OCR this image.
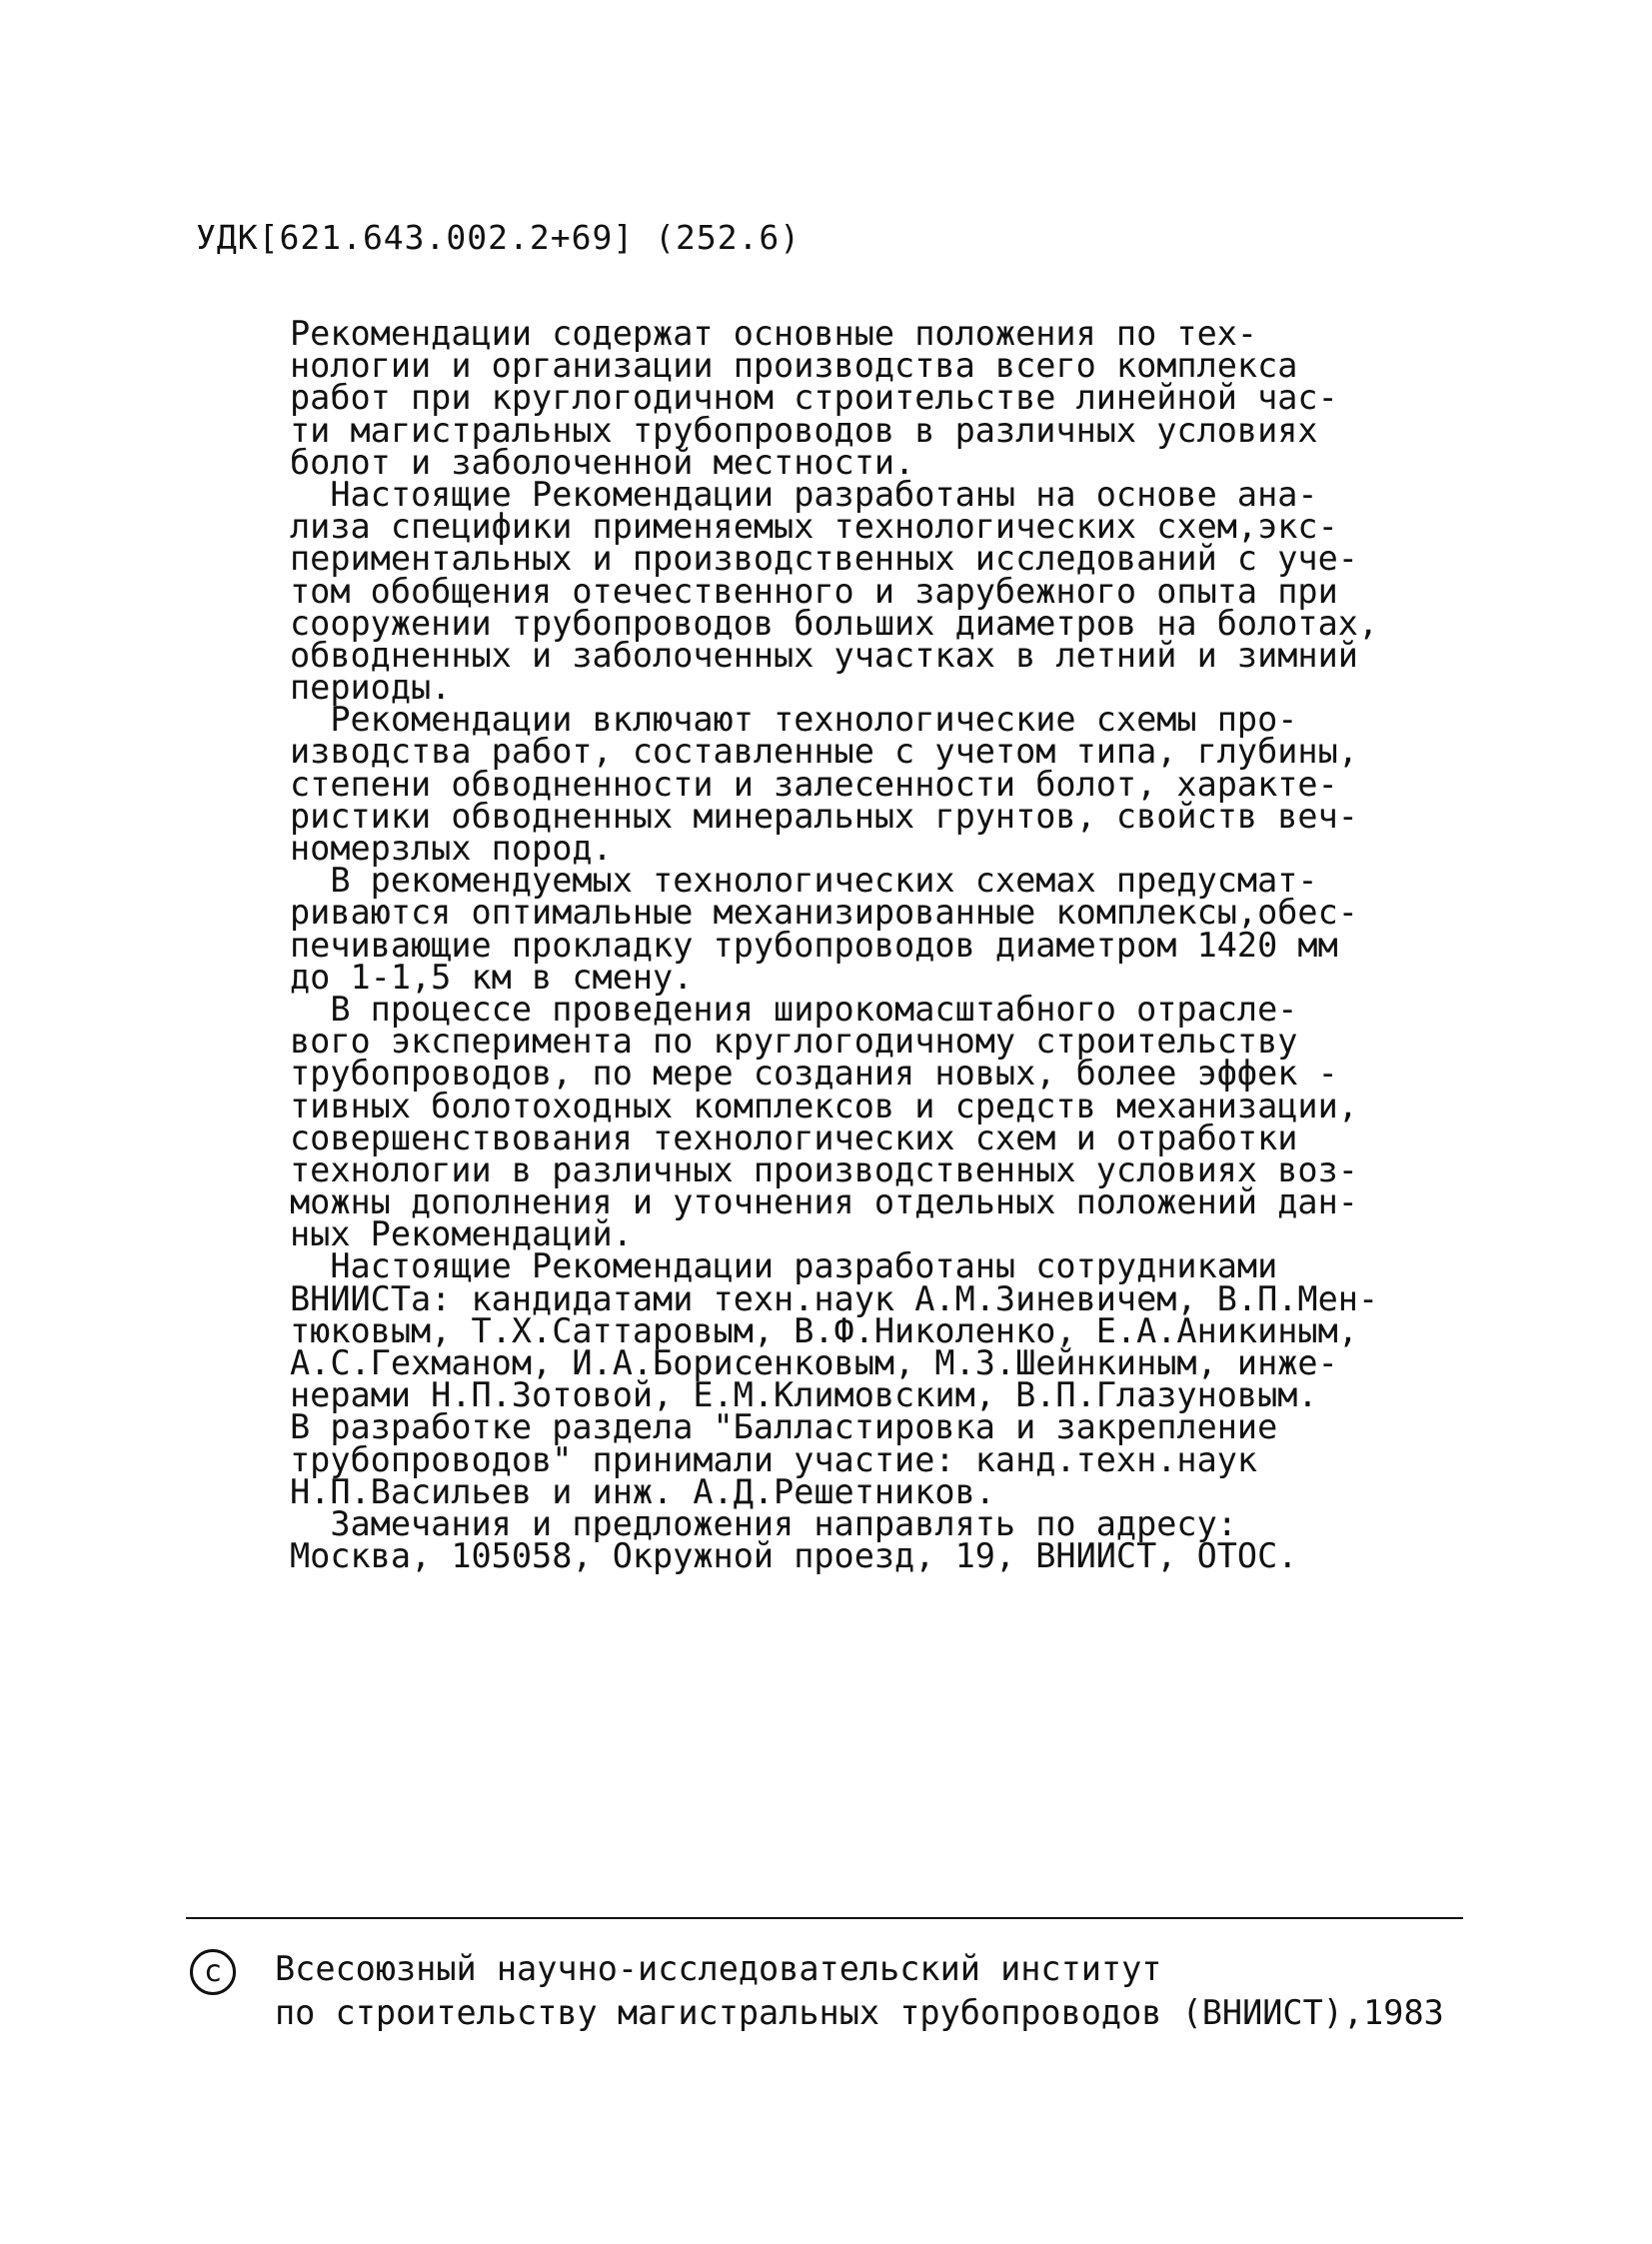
УДК[621.643.002.2+69] (252.6)
Рекомендации содержат основные положения по тех-
нологии и организации производства всего комплекса
работ при круглогодичном строительстве линейной час-
ти магистральных трубопроводов в различных условиях
болот и заболоченной местности.
Настоящие Рекомендации разработаны на основе ана-
лиза специфики применяемых технологических схем,экс-
периментальных и производственных исследований с уче-
том обобщения отечественного и зарубежного опыта при
сооружении трубопроводов больших диаметров на болотах,
обводненных и заболоченных участках в летний и зимний
периоды.
Рекомендации включают технологические схемы про-
изводства работ, составленные с учетом типа, глубины,
степени обводненности и залесенности болот, характе-
ристики обводненных минеральных грунтов, свойств веч-
номерзлых пород.
В рекомендуемых технологических схемах предусмат-
риваются оптимальные механизированные комплексы,обес-
печивающие прокладку трубопроводов диаметром 1420 мм
до 1-1,5 км в смену.
В процессе проведения широкомасштабного отрасле-
вого эксперимента по круглогодичному строительству
трубопроводов, по мере создания новых, более эффек -
тивных болотоходных комплексов и средств механизации,
совершенствования технологических схем и отработки
технологии в различных производственных условиях воз-
можны дополнения и уточнения отдельных положений дан-
ных Рекомендаций.
Настоящие Рекомендации разработаны сотрудниками
ВНИИСТа: кандидатами техн.наук А.М.Зиневичем, В.П.Мен-
тюковым, Т.Х.Саттаровым, В.Ф.Николенко, Е.А.Аникиным,
А.С.Гехманом, И.А.Борисенковым, М.З.Шейнкиным, инже-
нерами Н.П.Зотовой, Е.М.Климовским, В.П.Глазуновым.
В разработке раздела "Балластировка и закрепление
трубопроводов" принимали участие: канд.техн.наук
Н.П.Васильев и инж. А.Д.Решетников.
Замечания и предложения направлять по адресу:
Москва, 105058, Окружной проезд, 19, ВНИИСТ, ОТОС.
c Всесоюзный научно-исследовательский институт
по строительству магистральных трубопроводов (ВНИИСТ),1983
